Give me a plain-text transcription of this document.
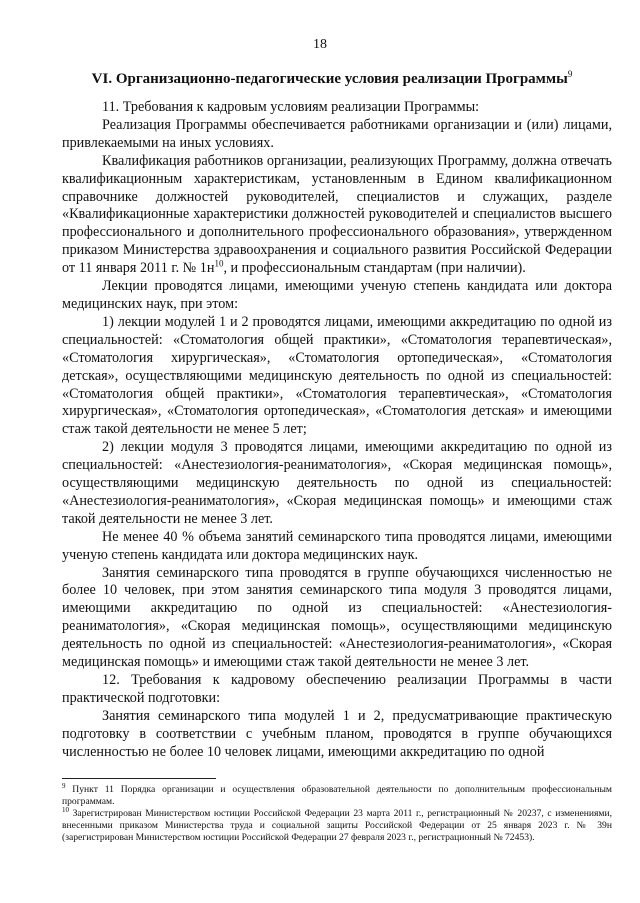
18
VI. Организационно-педагогические условия реализации Программы$^9$

11. Требования к кадровым условиям реализации Программы:

Реализация Программы обеспечивается работниками организации и (или) лицами, привлекаемыми на иных условиях.

Квалификация работников организации, реализующих Программу, должна отвечать квалификационным характеристикам, установленным в Едином квалификационном справочнике должностей руководителей, специалистов и служащих, разделе «Квалификационные характеристики должностей руководителей и специалистов высшего профессионального и дополнительного профессионального образования», утвержденном приказом Министерства здравоохранения и социального развития Российской Федерации от 11 января 2011 г. № $1н^{10}$, и профессиональным стандартам (при наличии).

Лекции проводятся лицами, имеющими ученую степень кандидата или доктора медицинских наук, при этом:

1) лекции модулей 1 и 2 проводятся лицами, имеющими аккредитацию по одной из специальностей: «Стоматология общей практики», «Стоматология терапевтическая», «Стоматология хирургическая», «Стоматология ортопедическая», «Стоматология детская», осуществляющими медицинскую деятельность по одной из специальностей: «Стоматология общей практики», «Стоматология терапевтическая», «Стоматология хирургическая», «Стоматология ортопедическая», «Стоматология детская» и имеющими стаж такой деятельности не менее 5 лет;

2) лекции модуля 3 проводятся лицами, имеющими аккредитацию по одной из специальностей: «Анестезиология-реаниматология», «Скорая медицинская помощь», осуществляющими медицинскую деятельность по одной из специальностей: «Анестезиология-реаниматология», «Скорая медицинская помощь» и имеющими стаж такой деятельности не менее 3 лет.

Не менее 40 % объема занятий семинарского типа проводятся лицами, имеющими ученую степень кандидата или доктора медицинских наук.

Занятия семинарского типа проводятся в группе обучающихся численностью не более 10 человек, при этом занятия семинарского типа модуля 3 проводятся лицами, имеющими аккредитацию по одной из специальностей: «Анестезиология-реаниматология», «Скорая медицинская помощь», осуществляющими медицинскую деятельность по одной из специальностей: «Анестезиология-реаниматология», «Скорая медицинская помощь» и имеющими стаж такой деятельности не менее 3 лет.

12. Требования к кадровому обеспечению реализации Программы в части практической подготовки:

Занятия семинарского типа модулей 1 и 2, предусматривающие практическую подготовку в соответствии с учебным планом, проводятся в группе обучающихся численностью не более 10 человек лицами, имеющими аккредитацию по одной

$^9$ Пункт 11 Порядка организации и осуществления образовательной деятельности по дополнительным профессиональным программам.

$^{10}$ Зарегистрирован Министерством юстиции Российской Федерации 23 марта 2011 г., регистрационный № 20237, с изменениями, внесенными приказом Министерства труда и социальной защиты Российской Федерации от 25 января 2023 г. № 39н (зарегистрирован Министерством юстиции Российской Федерации 27 февраля 2023 г., регистрационный № 72453).
